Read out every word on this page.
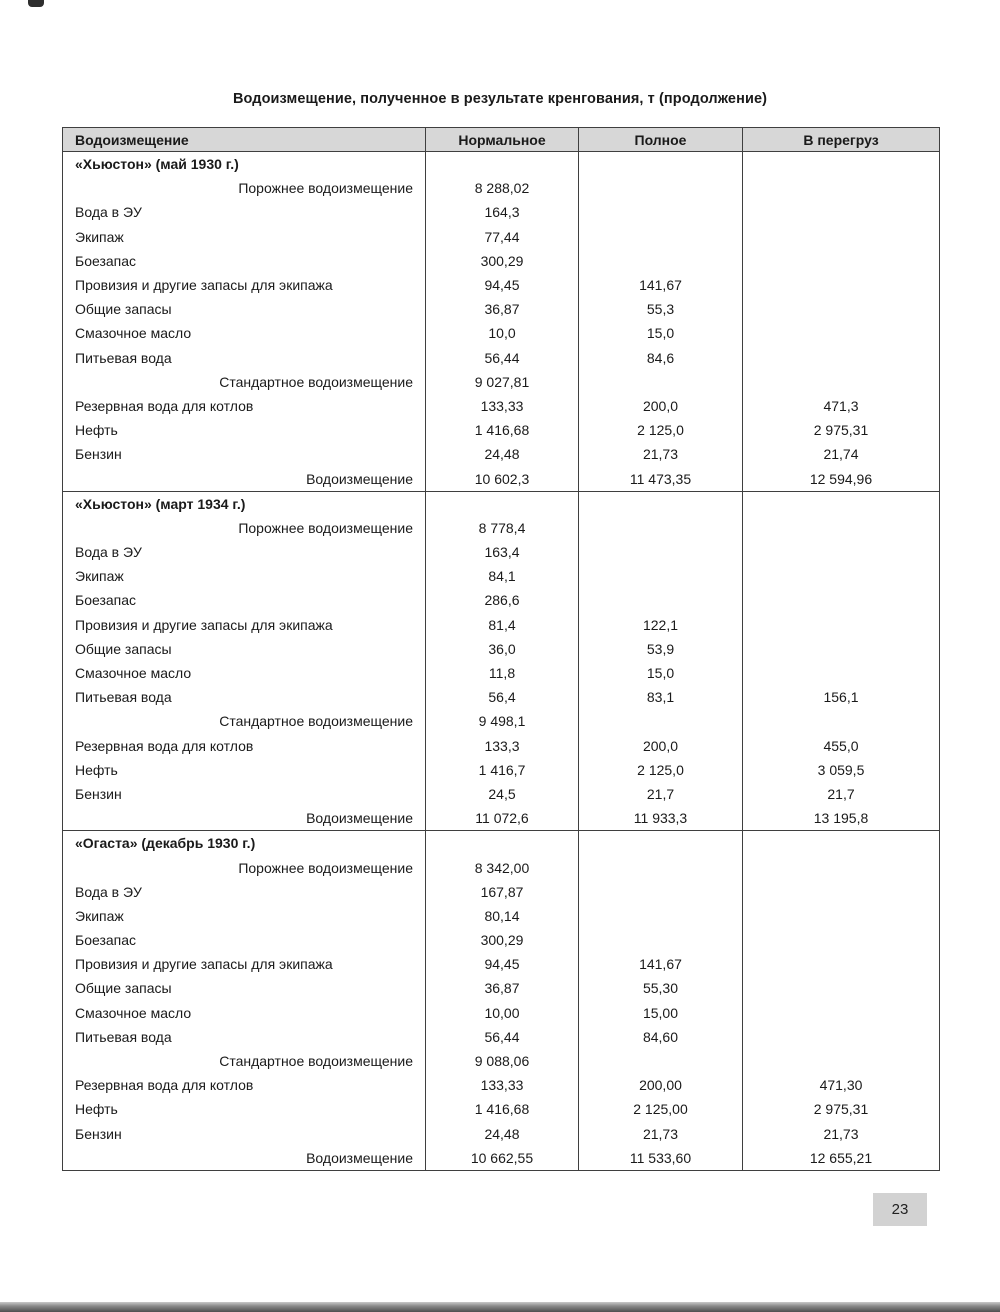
Водоизмещение, полученное в результате кренгования, т (продолжение)
Водоизмещение	Нормальное	Полное	В перегруз
«Хьюстон» (май 1930 г.)			
Порожнее водоизмещение	8 288,02		
Вода в ЭУ	164,3		
Экипаж	77,44		
Боезапас	300,29		
Провизия и другие запасы для экипажа	94,45	141,67	
Общие запасы	36,87	55,3	
Смазочное масло	10,0	15,0	
Питьевая вода	56,44	84,6	
Стандартное водоизмещение	9 027,81		
Резервная вода для котлов	133,33	200,0	471,3
Нефть	1 416,68	2 125,0	2 975,31
Бензин	24,48	21,73	21,74
Водоизмещение	10 602,3	11 473,35	12 594,96
«Хьюстон» (март 1934 г.)			
Порожнее водоизмещение	8 778,4		
Вода в ЭУ	163,4		
Экипаж	84,1		
Боезапас	286,6		
Провизия и другие запасы для экипажа	81,4	122,1	
Общие запасы	36,0	53,9	
Смазочное масло	11,8	15,0	
Питьевая вода	56,4	83,1	156,1
Стандартное водоизмещение	9 498,1		
Резервная вода для котлов	133,3	200,0	455,0
Нефть	1 416,7	2 125,0	3 059,5
Бензин	24,5	21,7	21,7
Водоизмещение	11 072,6	11 933,3	13 195,8
«Огаста» (декабрь 1930 г.)			
Порожнее водоизмещение	8 342,00		
Вода в ЭУ	167,87		
Экипаж	80,14		
Боезапас	300,29		
Провизия и другие запасы для экипажа	94,45	141,67	
Общие запасы	36,87	55,30	
Смазочное масло	10,00	15,00	
Питьевая вода	56,44	84,60	
Стандартное водоизмещение	9 088,06		
Резервная вода для котлов	133,33	200,00	471,30
Нефть	1 416,68	2 125,00	2 975,31
Бензин	24,48	21,73	21,73
Водоизмещение	10 662,55	11 533,60	12 655,21
23
